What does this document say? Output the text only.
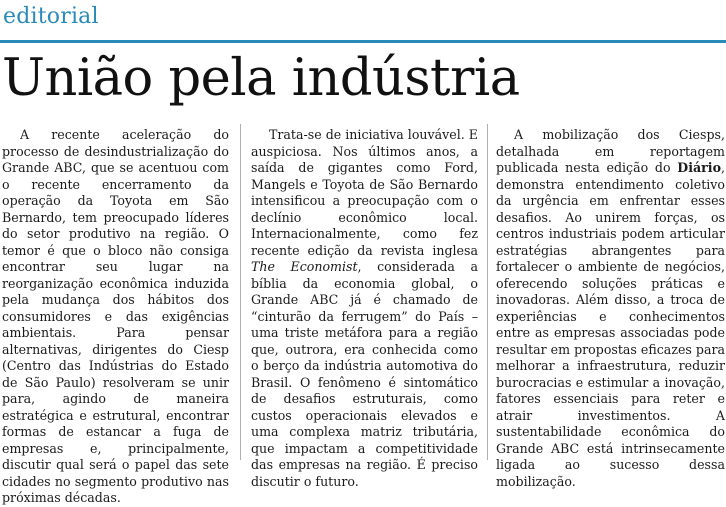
editorial
União pela indústria

A recente aceleração do processo de desindustrialização do Grande ABC, que se acentuou com o recente encerramento da operação da Toyota em São Bernardo, tem preocupado líderes do setor produtivo na região. O temor é que o bloco não consiga encontrar seu lugar na reorganização econômica induzida pela mudança dos hábitos dos consumidores e das exigências ambientais. Para pensar alternativas, dirigentes do Ciesp (Centro das Indústrias do Estado de São Paulo) resolveram se unir para, agindo de maneira estratégica e estrutural, encontrar formas de estancar a fuga de empresas e, principalmente, discutir qual será o papel das sete cidades no segmento produtivo nas próximas décadas.

Trata-se de iniciativa louvável. E auspiciosa. Nos últimos anos, a saída de gigantes como Ford, Mangels e Toyota de São Bernardo intensificou a preocupação com o declínio econômico local. Internacionalmente, como fez recente edição da revista inglesa The Economist, considerada a bíblia da economia global, o Grande ABC já é chamado de “cinturão da ferrugem” do País – uma triste metáfora para a região que, outrora, era conhecida como o berço da indústria automotiva do Brasil. O fenômeno é sintomático de desafios estruturais, como custos operacionais elevados e uma complexa matriz tributária, que impactam a competitividade das empresas na região. É preciso discutir o futuro.

A mobilização dos Ciesps, detalhada em reportagem publicada nesta edição do Diário, demonstra entendimento coletivo da urgência em enfrentar esses desafios. Ao unirem forças, os centros industriais podem articular estratégias abrangentes para fortalecer o ambiente de negócios, oferecendo soluções práticas e inovadoras. Além disso, a troca de experiências e conhecimentos entre as empresas associadas pode resultar em propostas eficazes para melhorar a infraestrutura, reduzir burocracias e estimular a inovação, fatores essenciais para reter e atrair investimentos. A sustentabilidade econômica do Grande ABC está intrinsecamente ligada ao sucesso dessa mobilização.
